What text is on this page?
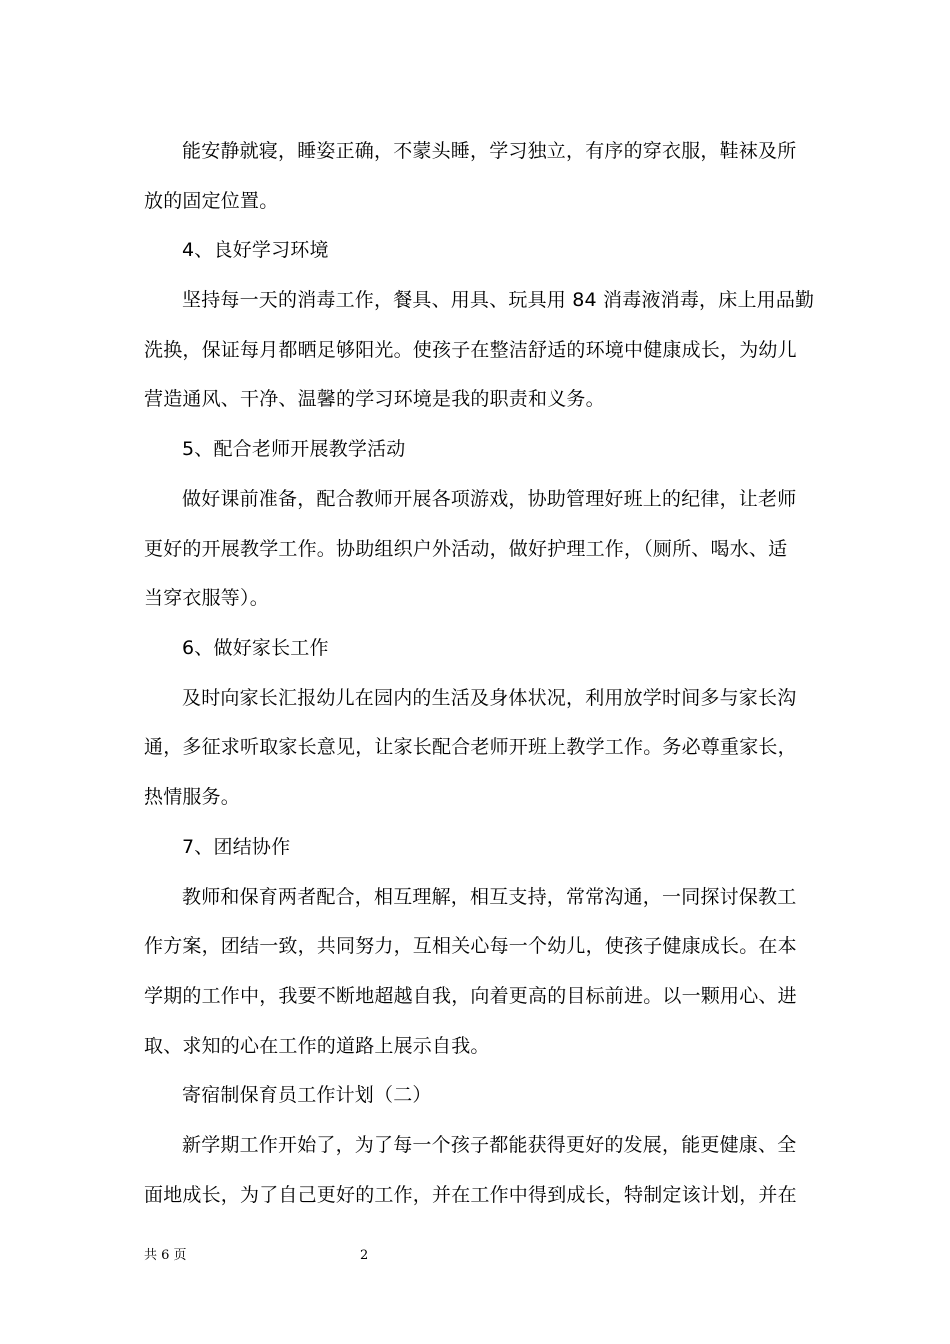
能安静就寝，睡姿正确，不蒙头睡，学习独立，有序的穿衣服，鞋袜及所
放的固定位置。
4、良好学习环境
坚持每一天的消毒工作，餐具、用具、玩具用 84 消毒液消毒，床上用品勤
洗换，保证每月都晒足够阳光。使孩子在整洁舒适的环境中健康成长，为幼儿
营造通风、干净、温馨的学习环境是我的职责和义务。
5、配合老师开展教学活动
做好课前准备，配合教师开展各项游戏，协助管理好班上的纪律，让老师
更好的开展教学工作。协助组织户外活动，做好护理工作，（厕所、喝水、适
当穿衣服等）。
6、做好家长工作
及时向家长汇报幼儿在园内的生活及身体状况，利用放学时间多与家长沟
通，多征求听取家长意见，让家长配合老师开班上教学工作。务必尊重家长，
热情服务。
7、团结协作
教师和保育两者配合，相互理解，相互支持，常常沟通，一同探讨保教工
作方案，团结一致，共同努力，互相关心每一个幼儿，使孩子健康成长。在本
学期的工作中，我要不断地超越自我，向着更高的目标前进。以一颗用心、进
取、求知的心在工作的道路上展示自我。
寄宿制保育员工作计划（二）
新学期工作开始了，为了每一个孩子都能获得更好的发展，能更健康、全
面地成长，为了自己更好的工作，并在工作中得到成长，特制定该计划，并在
共 6 页	2
